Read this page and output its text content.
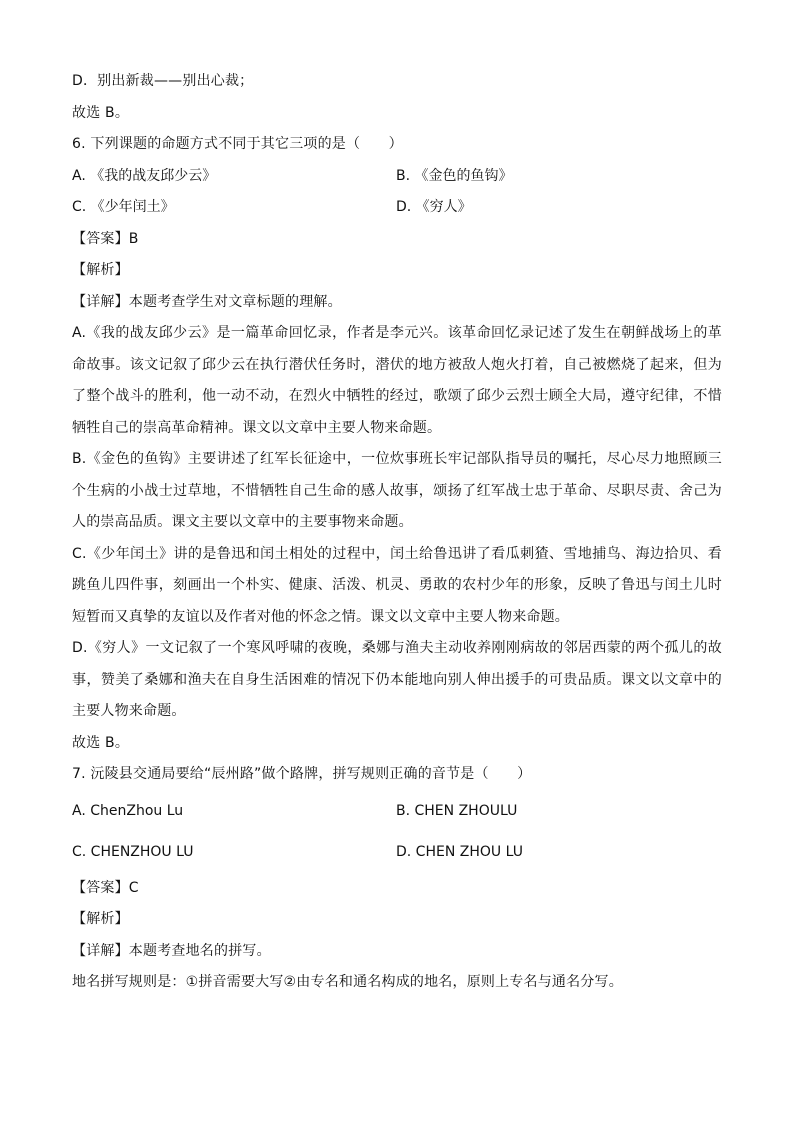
D．别出新裁——别出心裁；
故选 B。
6. 下列课题的命题方式不同于其它三项的是（　　）
A. 《我的战友邱少云》	B. 《金色的鱼钩》
C. 《少年闰土》	D. 《穷人》
【答案】B
【解析】
【详解】本题考查学生对文章标题的理解。
A.《我的战友邱少云》是一篇革命回忆录，作者是李元兴。该革命回忆录记述了发生在朝鲜战场上的革命故事。该文记叙了邱少云在执行潜伏任务时，潜伏的地方被敌人炮火打着，自己被燃烧了起来，但为了整个战斗的胜利，他一动不动，在烈火中牺牲的经过，歌颂了邱少云烈士顾全大局，遵守纪律，不惜牺牲自己的崇高革命精神。课文以文章中主要人物来命题。
B.《金色的鱼钩》主要讲述了红军长征途中，一位炊事班长牢记部队指导员的嘱托，尽心尽力地照顾三个生病的小战士过草地，不惜牺牲自己生命的感人故事，颂扬了红军战士忠于革命、尽职尽责、舍己为人的崇高品质。课文主要以文章中的主要事物来命题。
C.《少年闰土》讲的是鲁迅和闰土相处的过程中，闰土给鲁迅讲了看瓜刺猹、雪地捕鸟、海边拾贝、看跳鱼儿四件事，刻画出一个朴实、健康、活泼、机灵、勇敢的农村少年的形象，反映了鲁迅与闰土儿时短暂而又真挚的友谊以及作者对他的怀念之情。课文以文章中主要人物来命题。
D.《穷人》一文记叙了一个寒风呼啸的夜晚，桑娜与渔夫主动收养刚刚病故的邻居西蒙的两个孤儿的故事，赞美了桑娜和渔夫在自身生活困难的情况下仍本能地向别人伸出援手的可贵品质。课文以文章中的主要人物来命题。
故选 B。
7. 沅陵县交通局要给“辰州路”做个路牌，拼写规则正确的音节是（　　）
A. ChenZhou Lu	B. CHEN ZHOULU
C. CHENZHOU LU	D. CHEN ZHOU LU
【答案】C
【解析】
【详解】本题考查地名的拼写。
地名拼写规则是：①拼音需要大写②由专名和通名构成的地名，原则上专名与通名分写。
